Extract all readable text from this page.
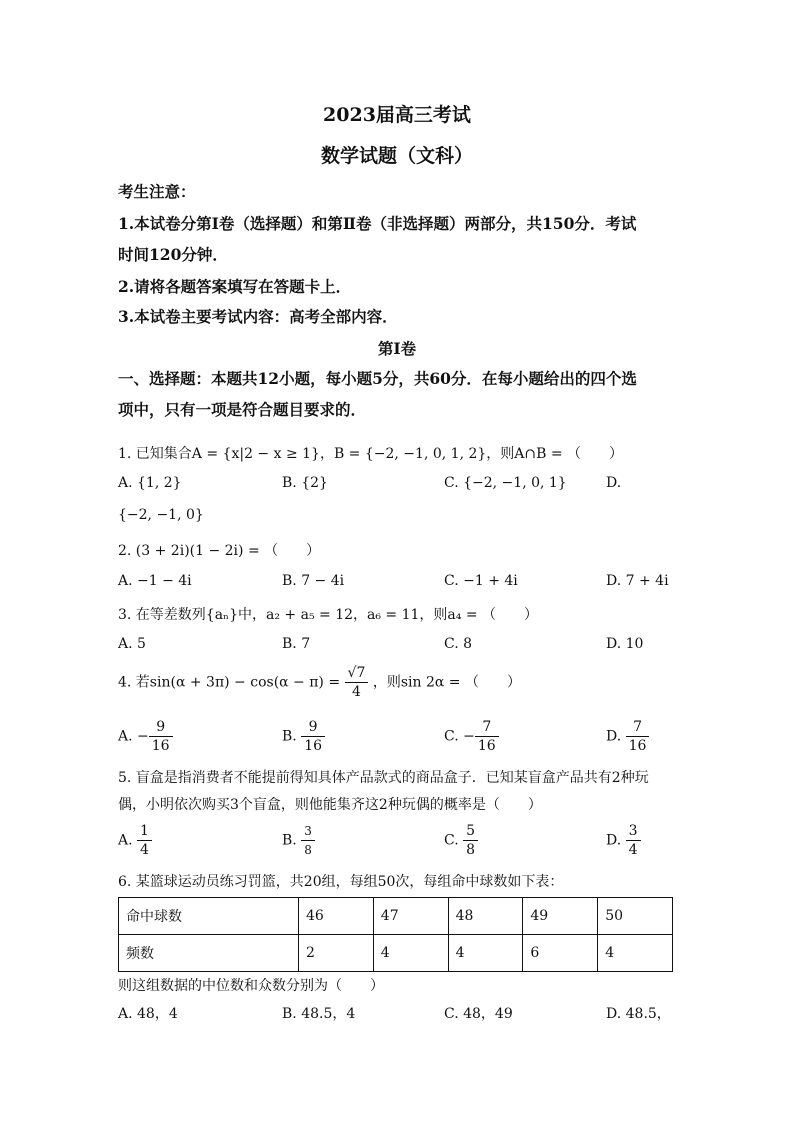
2023届高三考试
数学试题（文科）
考生注意：
1.本试卷分第Ⅰ卷（选择题）和第Ⅱ卷（非选择题）两部分，共150分．考试
时间120分钟．
2.请将各题答案填写在答题卡上．
3.本试卷主要考试内容：高考全部内容．
第Ⅰ卷
一、选择题：本题共12小题，每小题5分，共60分．在每小题给出的四个选
项中，只有一项是符合题目要求的．
1. 已知集合A = {x|2 − x ≥ 1}，B = {−2, −1, 0, 1, 2}，则A∩B = （　　）
A. {1, 2}	B. {2}	C. {−2, −1, 0, 1}	D.
{−2, −1, 0}
2. (3 + 2i)(1 − 2i) = （　　）
A. −1 − 4i	B. 7 − 4i	C. −1 + 4i	D. 7 + 4i
3. 在等差数列{aₙ}中，a₂ + a₅ = 12，a₆ = 11，则a₄ = （　　）
A. 5	B. 7	C. 8	D. 10
4. 若$\sin(\alpha + 3\pi) - \cos(\alpha - \pi) = \frac{√7}{4}$ ，则sin 2α = （　　）
A. − $\frac{9}{16}$	B. $\frac{9}{16}$	C. − $\frac{7}{16}$	D. $\frac{7}{16}$
5. 盲盒是指消费者不能提前得知具体产品款式的商品盒子．已知某盲盒产品共有2种玩
偶，小明依次购买3个盲盒，则他能集齐这2种玩偶的概率是（　　）
A. $\frac{1}{4}$	B. $\frac{3}{8}$	C. $\frac{5}{8}$	D. $\frac{3}{4}$
6. 某篮球运动员练习罚篮，共20组，每组50次，每组命中球数如下表：
命中球数	46	47	48	49	50
频数	2	4	4	6	4
则这组数据的中位数和众数分别为（　　）
A. 48，4	B. 48.5，4	C. 48，49	D. 48.5，
